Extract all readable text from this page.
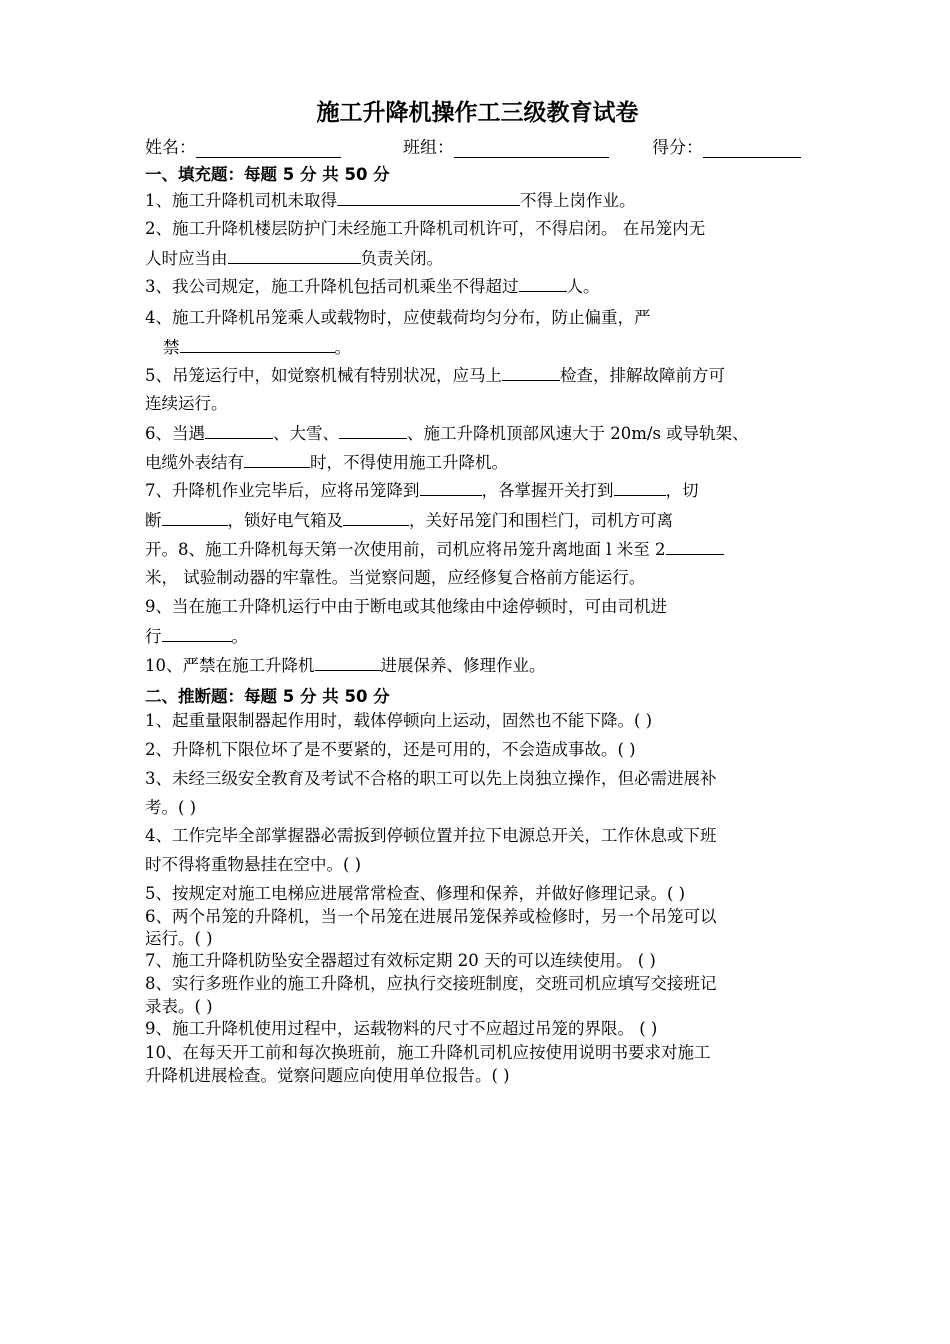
施工升降机操作工三级教育试卷
姓名：	班组：	得分：
一、填充题：每题 5 分 共 50 分
1、施工升降机司机未取得	不得上岗作业。
2、施工升降机楼层防护门未经施工升降机司机许可，不得启闭。 在吊笼内无
人时应当由	负责关闭。
3、我公司规定，施工升降机包括司机乘坐不得超过	人。
4、施工升降机吊笼乘人或载物时，应使载荷均匀分布，防止偏重，严
禁	。
5、吊笼运行中，如觉察机械有特别状况，应马上	检查，排解故障前方可
连续运行。
6、当遇	、大雪、	、施工升降机顶部风速大于 20m/s 或导轨架、
电缆外表结有	时，不得使用施工升降机。
7、升降机作业完毕后，应将吊笼降到	，各掌握开关打到	，切
断	，锁好电气箱及	，关好吊笼门和围栏门，司机方可离
开。8、施工升降机每天第一次使用前，司机应将吊笼升离地面 l 米至 2
米， 试验制动器的牢靠性。当觉察问题，应经修复合格前方能运行。
9、当在施工升降机运行中由于断电或其他缘由中途停顿时，可由司机进
行	。
10、严禁在施工升降机	进展保养、修理作业。
二、推断题：每题 5 分 共 50 分
1、起重量限制器起作用时，载体停顿向上运动，固然也不能下降。( )
2、升降机下限位坏了是不要紧的，还是可用的，不会造成事故。( )
3、未经三级安全教育及考试不合格的职工可以先上岗独立操作，但必需进展补
考。( )
4、工作完毕全部掌握器必需扳到停顿位置并拉下电源总开关，工作休息或下班
时不得将重物悬挂在空中。( )
5、按规定对施工电梯应进展常常检查、修理和保养，并做好修理记录。( )
6、两个吊笼的升降机，当一个吊笼在进展吊笼保养或检修时，另一个吊笼可以
运行。( )
7、施工升降机防坠安全器超过有效标定期 20 天的可以连续使用。 ( )
8、实行多班作业的施工升降机，应执行交接班制度，交班司机应填写交接班记
录表。( )
9、施工升降机使用过程中，运载物料的尺寸不应超过吊笼的界限。 ( )
10、在每天开工前和每次换班前，施工升降机司机应按使用说明书要求对施工
升降机进展检查。觉察问题应向使用单位报告。( )
